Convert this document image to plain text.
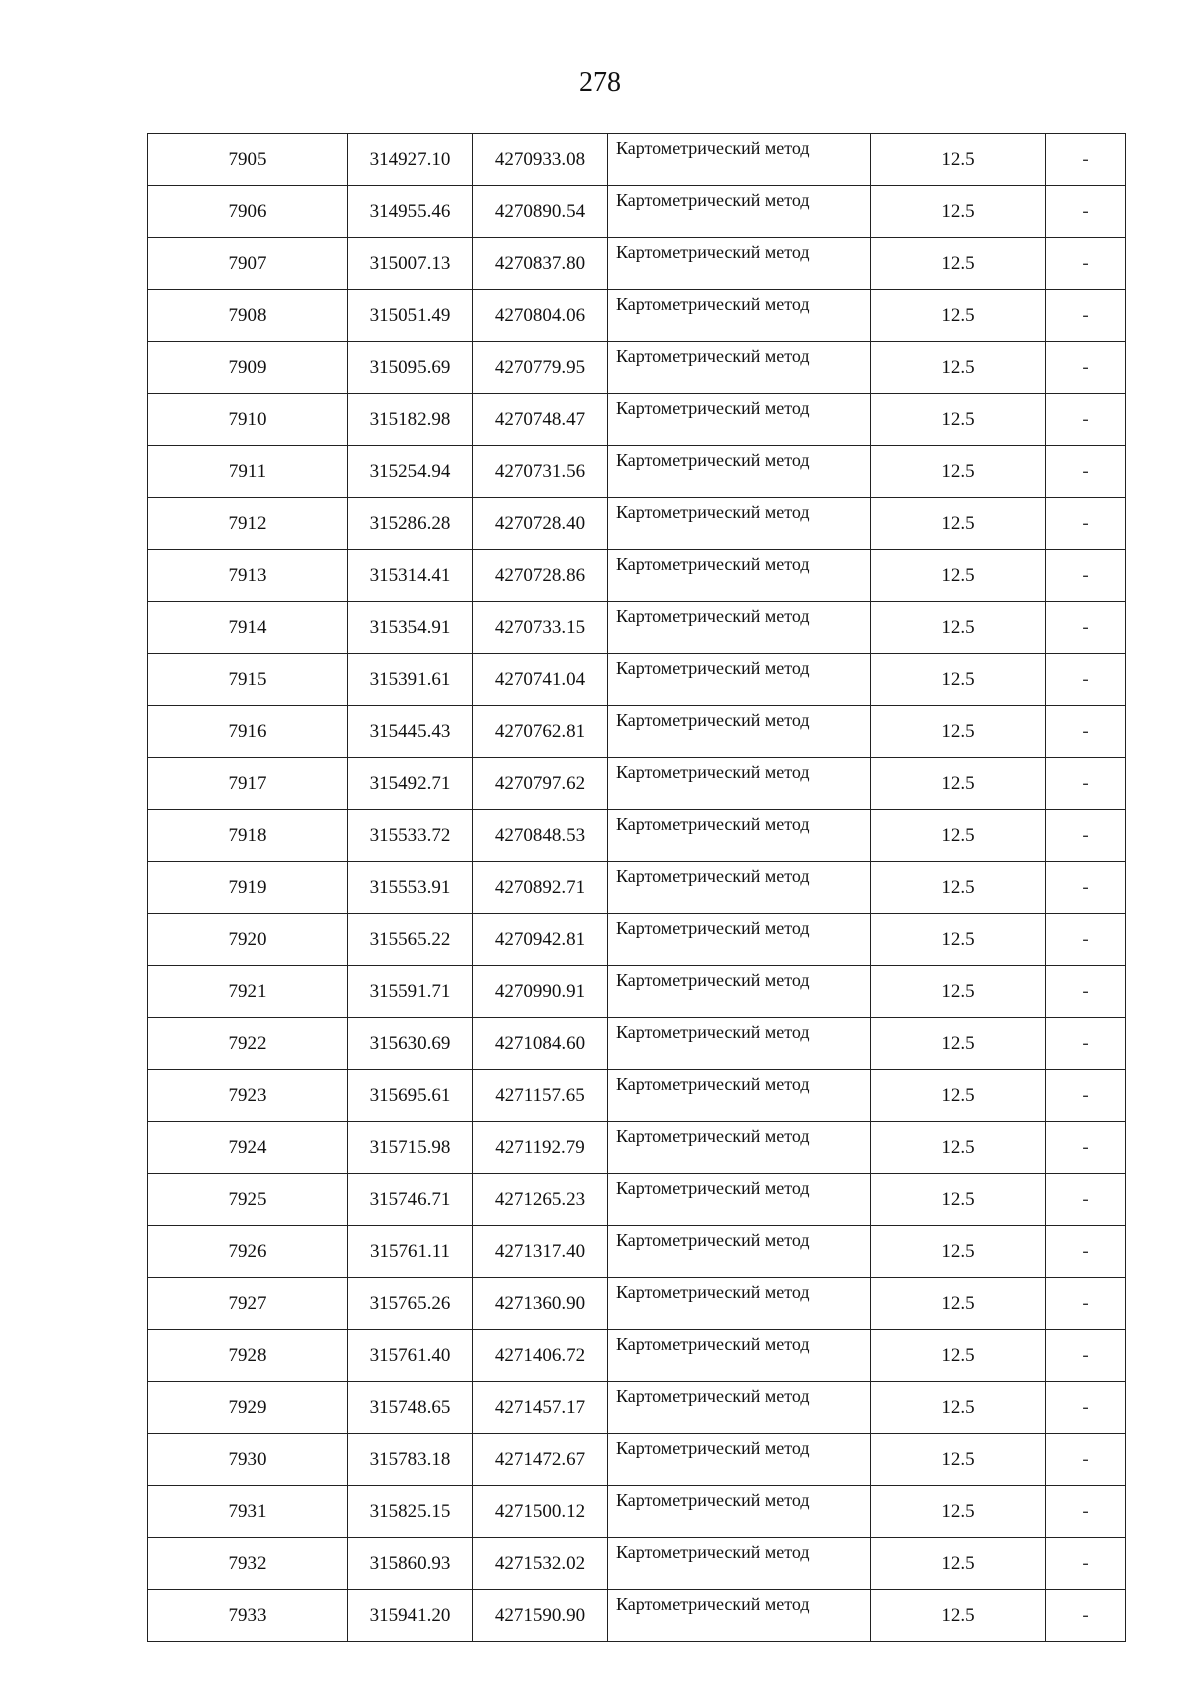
278
7905	314927.10	4270933.08	Картометрический метод	12.5	-
7906	314955.46	4270890.54	Картометрический метод	12.5	-
7907	315007.13	4270837.80	Картометрический метод	12.5	-
7908	315051.49	4270804.06	Картометрический метод	12.5	-
7909	315095.69	4270779.95	Картометрический метод	12.5	-
7910	315182.98	4270748.47	Картометрический метод	12.5	-
7911	315254.94	4270731.56	Картометрический метод	12.5	-
7912	315286.28	4270728.40	Картометрический метод	12.5	-
7913	315314.41	4270728.86	Картометрический метод	12.5	-
7914	315354.91	4270733.15	Картометрический метод	12.5	-
7915	315391.61	4270741.04	Картометрический метод	12.5	-
7916	315445.43	4270762.81	Картометрический метод	12.5	-
7917	315492.71	4270797.62	Картометрический метод	12.5	-
7918	315533.72	4270848.53	Картометрический метод	12.5	-
7919	315553.91	4270892.71	Картометрический метод	12.5	-
7920	315565.22	4270942.81	Картометрический метод	12.5	-
7921	315591.71	4270990.91	Картометрический метод	12.5	-
7922	315630.69	4271084.60	Картометрический метод	12.5	-
7923	315695.61	4271157.65	Картометрический метод	12.5	-
7924	315715.98	4271192.79	Картометрический метод	12.5	-
7925	315746.71	4271265.23	Картометрический метод	12.5	-
7926	315761.11	4271317.40	Картометрический метод	12.5	-
7927	315765.26	4271360.90	Картометрический метод	12.5	-
7928	315761.40	4271406.72	Картометрический метод	12.5	-
7929	315748.65	4271457.17	Картометрический метод	12.5	-
7930	315783.18	4271472.67	Картометрический метод	12.5	-
7931	315825.15	4271500.12	Картометрический метод	12.5	-
7932	315860.93	4271532.02	Картометрический метод	12.5	-
7933	315941.20	4271590.90	Картометрический метод	12.5	-
